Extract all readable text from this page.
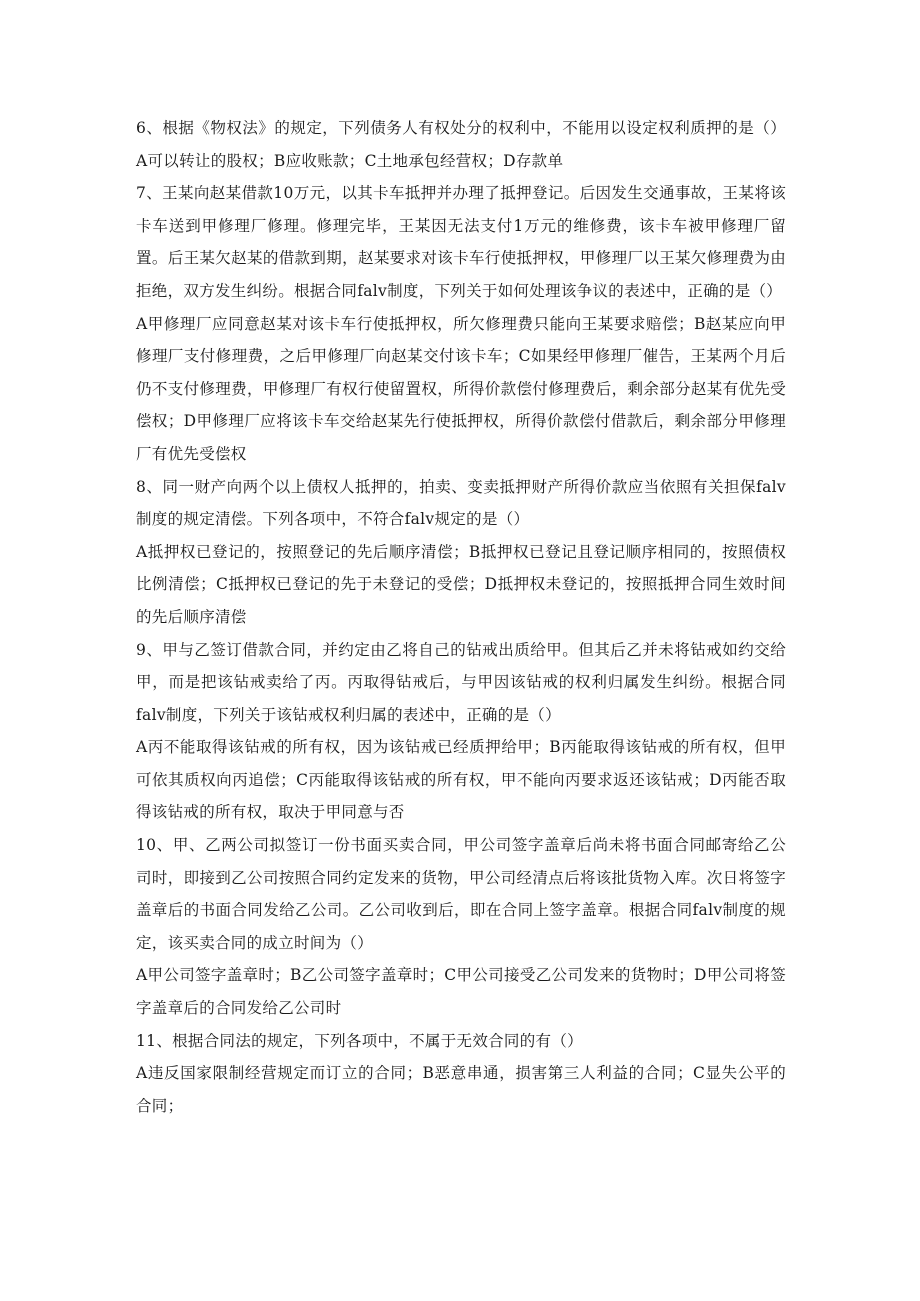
6、根据《物权法》的规定，下列债务人有权处分的权利中，不能用以设定权利质押的是（）A可以转让的股权；B应收账款；C土地承包经营权；D存款单

7、王某向赵某借款10万元，以其卡车抵押并办理了抵押登记。后因发生交通事故，王某将该卡车送到甲修理厂修理。修理完毕，王某因无法支付1万元的维修费，该卡车被甲修理厂留置。后王某欠赵某的借款到期，赵某要求对该卡车行使抵押权，甲修理厂以王某欠修理费为由拒绝，双方发生纠纷。根据合同falv制度，下列关于如何处理该争议的表述中，正确的是（）

A甲修理厂应同意赵某对该卡车行使抵押权，所欠修理费只能向王某要求赔偿；B赵某应向甲修理厂支付修理费，之后甲修理厂向赵某交付该卡车；C如果经甲修理厂催告，王某两个月后仍不支付修理费，甲修理厂有权行使留置权，所得价款偿付修理费后，剩余部分赵某有优先受偿权；D甲修理厂应将该卡车交给赵某先行使抵押权，所得价款偿付借款后，剩余部分甲修理厂有优先受偿权

8、同一财产向两个以上债权人抵押的，拍卖、变卖抵押财产所得价款应当依照有关担保falv制度的规定清偿。下列各项中，不符合falv规定的是（）

A抵押权已登记的，按照登记的先后顺序清偿；B抵押权已登记且登记顺序相同的，按照债权比例清偿；C抵押权已登记的先于未登记的受偿；D抵押权未登记的，按照抵押合同生效时间的先后顺序清偿

9、甲与乙签订借款合同，并约定由乙将自己的钻戒出质给甲。但其后乙并未将钻戒如约交给甲，而是把该钻戒卖给了丙。丙取得钻戒后，与甲因该钻戒的权利归属发生纠纷。根据合同falv制度，下列关于该钻戒权利归属的表述中，正确的是（）

A丙不能取得该钻戒的所有权，因为该钻戒已经质押给甲；B丙能取得该钻戒的所有权，但甲可依其质权向丙追偿；C丙能取得该钻戒的所有权，甲不能向丙要求返还该钻戒；D丙能否取得该钻戒的所有权，取决于甲同意与否

10、甲、乙两公司拟签订一份书面买卖合同，甲公司签字盖章后尚未将书面合同邮寄给乙公司时，即接到乙公司按照合同约定发来的货物，甲公司经清点后将该批货物入库。次日将签字盖章后的书面合同发给乙公司。乙公司收到后，即在合同上签字盖章。根据合同falv制度的规定，该买卖合同的成立时间为（）

A甲公司签字盖章时；B乙公司签字盖章时；C甲公司接受乙公司发来的货物时；D甲公司将签字盖章后的合同发给乙公司时

11、根据合同法的规定，下列各项中，不属于无效合同的有（）

A违反国家限制经营规定而订立的合同；B恶意串通，损害第三人利益的合同；C显失公平的合同；
